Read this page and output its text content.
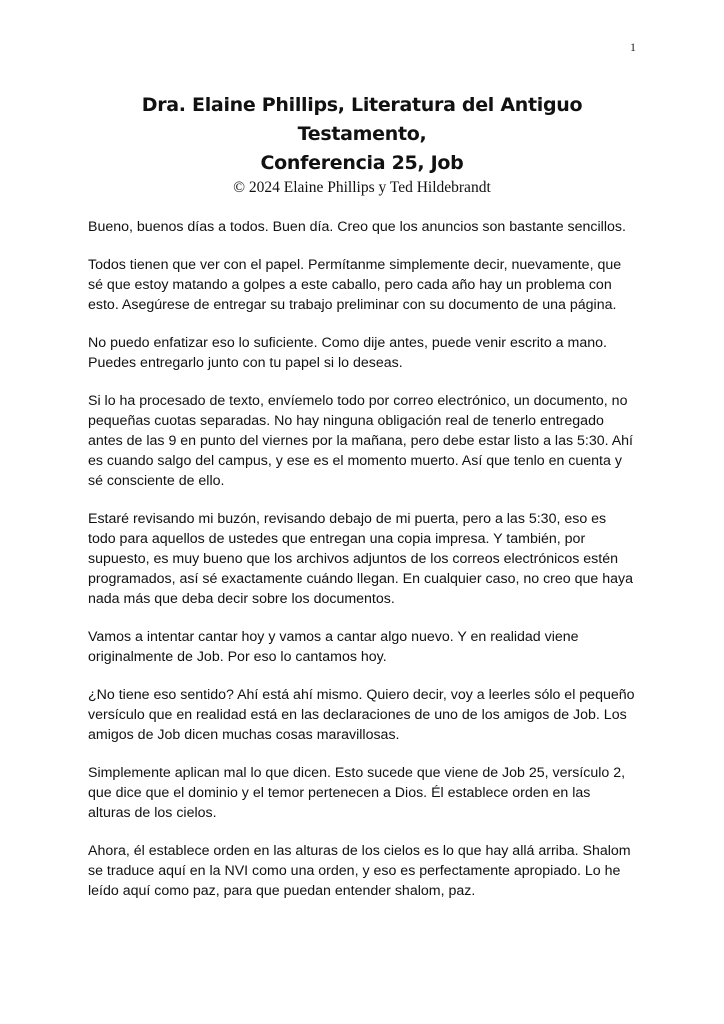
1
Dra. Elaine Phillips, Literatura del Antiguo
Testamento,
Conferencia 25, Job
© 2024 Elaine Phillips y Ted Hildebrandt

Bueno, buenos días a todos. Buen día. Creo que los anuncios son bastante sencillos.

Todos tienen que ver con el papel. Permítanme simplemente decir, nuevamente, que sé que estoy matando a golpes a este caballo, pero cada año hay un problema con esto. Asegúrese de entregar su trabajo preliminar con su documento de una página.

No puedo enfatizar eso lo suficiente. Como dije antes, puede venir escrito a mano. Puedes entregarlo junto con tu papel si lo deseas.

Si lo ha procesado de texto, envíemelo todo por correo electrónico, un documento, no pequeñas cuotas separadas. No hay ninguna obligación real de tenerlo entregado antes de las 9 en punto del viernes por la mañana, pero debe estar listo a las 5:30. Ahí es cuando salgo del campus, y ese es el momento muerto. Así que tenlo en cuenta y sé consciente de ello.

Estaré revisando mi buzón, revisando debajo de mi puerta, pero a las 5:30, eso es todo para aquellos de ustedes que entregan una copia impresa. Y también, por supuesto, es muy bueno que los archivos adjuntos de los correos electrónicos estén programados, así sé exactamente cuándo llegan. En cualquier caso, no creo que haya nada más que deba decir sobre los documentos.

Vamos a intentar cantar hoy y vamos a cantar algo nuevo. Y en realidad viene originalmente de Job. Por eso lo cantamos hoy.

¿No tiene eso sentido? Ahí está ahí mismo. Quiero decir, voy a leerles sólo el pequeño versículo que en realidad está en las declaraciones de uno de los amigos de Job. Los amigos de Job dicen muchas cosas maravillosas.

Simplemente aplican mal lo que dicen. Esto sucede que viene de Job 25, versículo 2, que dice que el dominio y el temor pertenecen a Dios. Él establece orden en las alturas de los cielos.

Ahora, él establece orden en las alturas de los cielos es lo que hay allá arriba. Shalom se traduce aquí en la NVI como una orden, y eso es perfectamente apropiado. Lo he leído aquí como paz, para que puedan entender shalom, paz.
